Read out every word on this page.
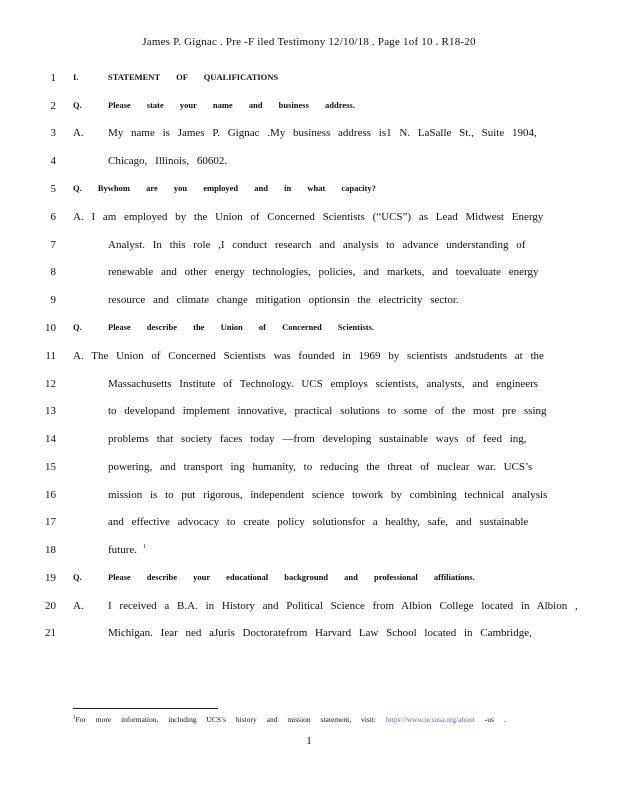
James P. Gignac . Pre -F iled Testimony 12/10/18 . Page 1of 10 . R18-20
1 I.	STATEMENT OF QUALIFICATIONS
2 Q.	Please state your name and business address.
3 A. My name is James P. Gignac .My business address is1 N. LaSalle St., Suite 1904,
4	Chicago, Illinois, 60602.
5 Q. Bywhom are you employed and in what capacity?
6 A. I am employed by the Union of Concerned Scientists (“UCS”) as Lead Midwest Energy
7	Analyst. In this role ,I conduct research and analysis to advance understanding of
8	renewable and other energy technologies, policies, and markets, and toevaluate energy
9	resource and climate change mitigation optionsin the electricity sector.
10 Q.	Please describe the Union of Concerned Scientists.
11 A. The Union of Concerned Scientists was founded in 1969 by scientists andstudents at the
12	Massachusetts Institute of Technology. UCS employs scientists, analysts, and engineers
13	to developand implement innovative, practical solutions to some of the most pre ssing
14	problems that society faces today —from developing sustainable ways of feed ing,
15	powering, and transport ing humanity, to reducing the threat of nuclear war. UCS’s
16	mission is to put rigorous, independent science towork by combining technical analysis
17	and effective advocacy to create policy solutionsfor a healthy, safe, and sustainable
18	future. $^1$
19 Q.	Please describe your educational background and professional affiliations.
20 A. I received a B.A. in History and Political Science from Albion College located in Albion ,
21	Michigan. Iear ned aJuris Doctoratefrom Harvard Law School located in Cambridge,
$^1$For more information, including UCS’s history and mission statement, visit: https://www.ucsusa.org/about -us .
1
